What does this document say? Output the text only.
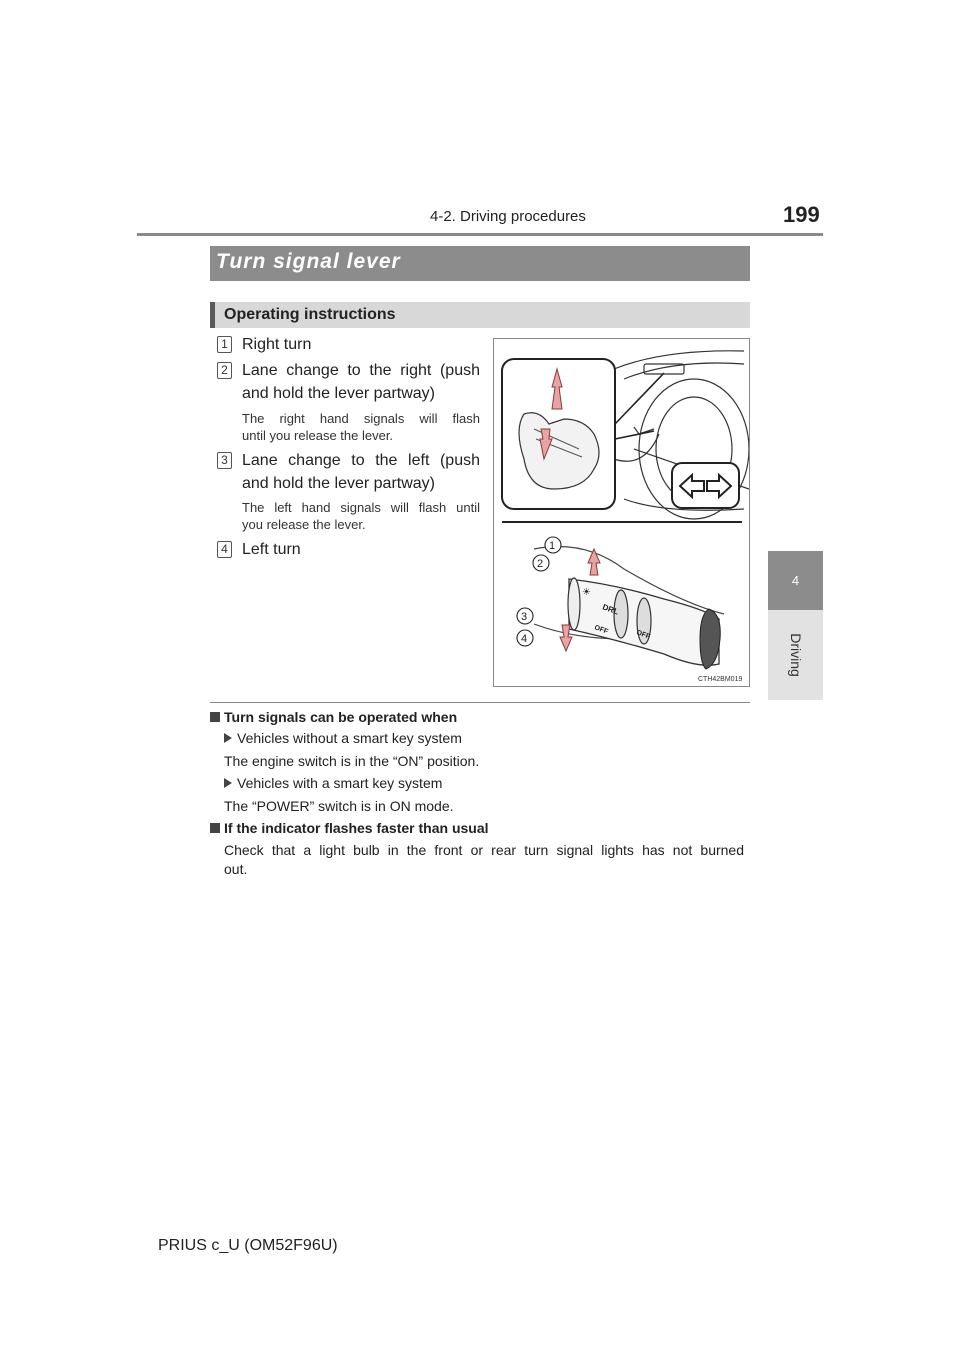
4-2. Driving procedures	199
4
Driving
Turn signal lever
Operating instructions
1 Right turn
2 Lane change to the right (push
and hold the lever partway)
The right hand signals will flash
until you release the lever.
3 Lane change to the left (push
and hold the lever partway)
The left hand signals will flash until
you release the lever.
4 Left turn
☀
DRL
OFF	OFF
1
2
3
4
CTH42BM019
Turn signals can be operated when
Vehicles without a smart key system
The engine switch is in the “ON” position.
Vehicles with a smart key system
The “POWER” switch is in ON mode.
If the indicator flashes faster than usual
Check that a light bulb in the front or rear turn signal lights has not burned
out.
PRIUS c_U (OM52F96U)
